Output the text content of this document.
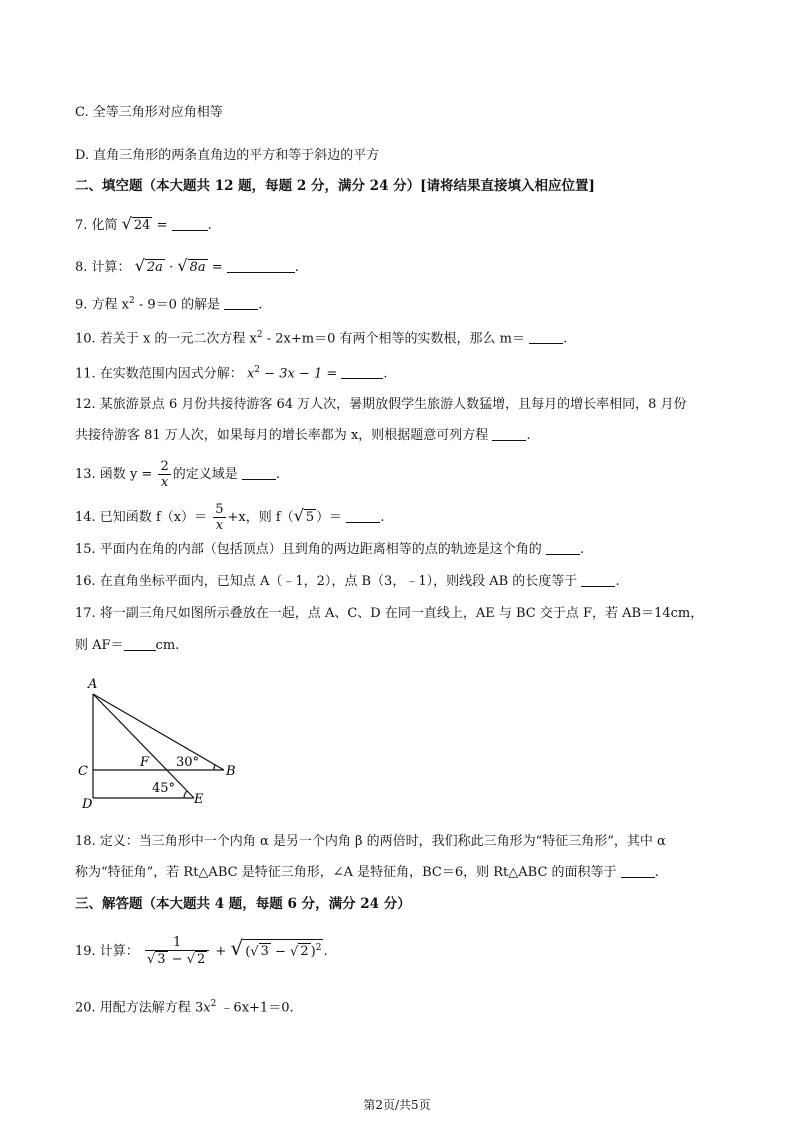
C. 全等三角形对应角相等
D. 直角三角形的两条直角边的平方和等于斜边的平方
二、填空题（本大题共 12 题，每题 2 分，满分 24 分）[请将结果直接填入相应位置]
7. 化简 √ 24 =	.
8. 计算： √ 2a · √ 8a =	.
9. 方程 $x^2 - 9=0$ 的解是	.
10. 若关于 x 的一元二次方程 $x^2 - 2x+m=0$ 有两个相等的实数根，那么 m＝	.
11. 在实数范围内因式分解： $x^2 - 3x - 1$ =	.
12. 某旅游景点 6 月份共接待游客 64 万人次，暑期放假学生旅游人数猛增，且每月的增长率相同，8 月份
共接待游客 81 万人次，如果每月的增长率都为 x，则根据题意可列方程	.
13. 函数 $y = \frac{2}{x}$ 的定义域是	.
14. 已知函数 $f(x)= \frac{5}{x} +x$，则 f（√ 5 ）＝	.
15. 平面内在角的内部（包括顶点）且到角的两边距离相等的点的轨迹是这个角的	.
16. 在直角坐标平面内，已知点 A（﹣1，2），点 B（3，﹣1），则线段 AB 的长度等于	.
17. 将一副三角尺如图所示叠放在一起，点 A、C、D 在同一直线上，AE 与 BC 交于点 F，若 AB＝14cm，
则 AF＝ cm.
A
C
D
B
E
F 30°
45°
18. 定义：当三角形中一个内角 α 是另一个内角 β 的两倍时，我们称此三角形为“特征三角形”，其中 α
称为“特征角”，若 Rt△ABC 是特征三角形，∠A 是特征角，BC＝6，则 Rt△ABC 的面积等于	.
三、解答题（本大题共 4 题，每题 6 分，满分 24 分）
19. 计算： $\frac{1}{√ 3 - √ 2}$ + √ (√ 3 − √ 2 )$^2$ .
20. 用配方法解方程 $3x^2$ ﹣6x+1＝0.
第2页/共5页
